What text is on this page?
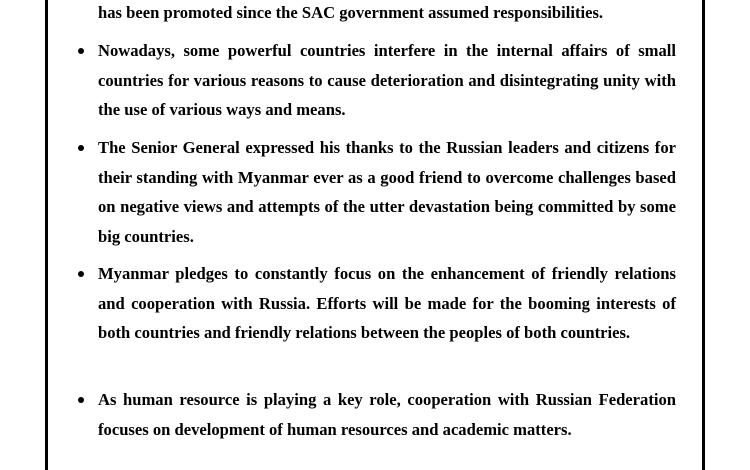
has been promoted since the SAC government assumed responsibilities.
Nowadays, some powerful countries interfere in the internal affairs of small countries for various reasons to cause deterioration and disintegrating unity with the use of various ways and means.
The Senior General expressed his thanks to the Russian leaders and citizens for their standing with Myanmar ever as a good friend to overcome challenges based on negative views and attempts of the utter devastation being committed by some big countries.
Myanmar pledges to constantly focus on the enhancement of friendly relations and cooperation with Russia. Efforts will be made for the booming interests of both countries and friendly relations between the peoples of both countries.
As human resource is playing a key role, cooperation with Russian Federation focuses on development of human resources and academic matters.
